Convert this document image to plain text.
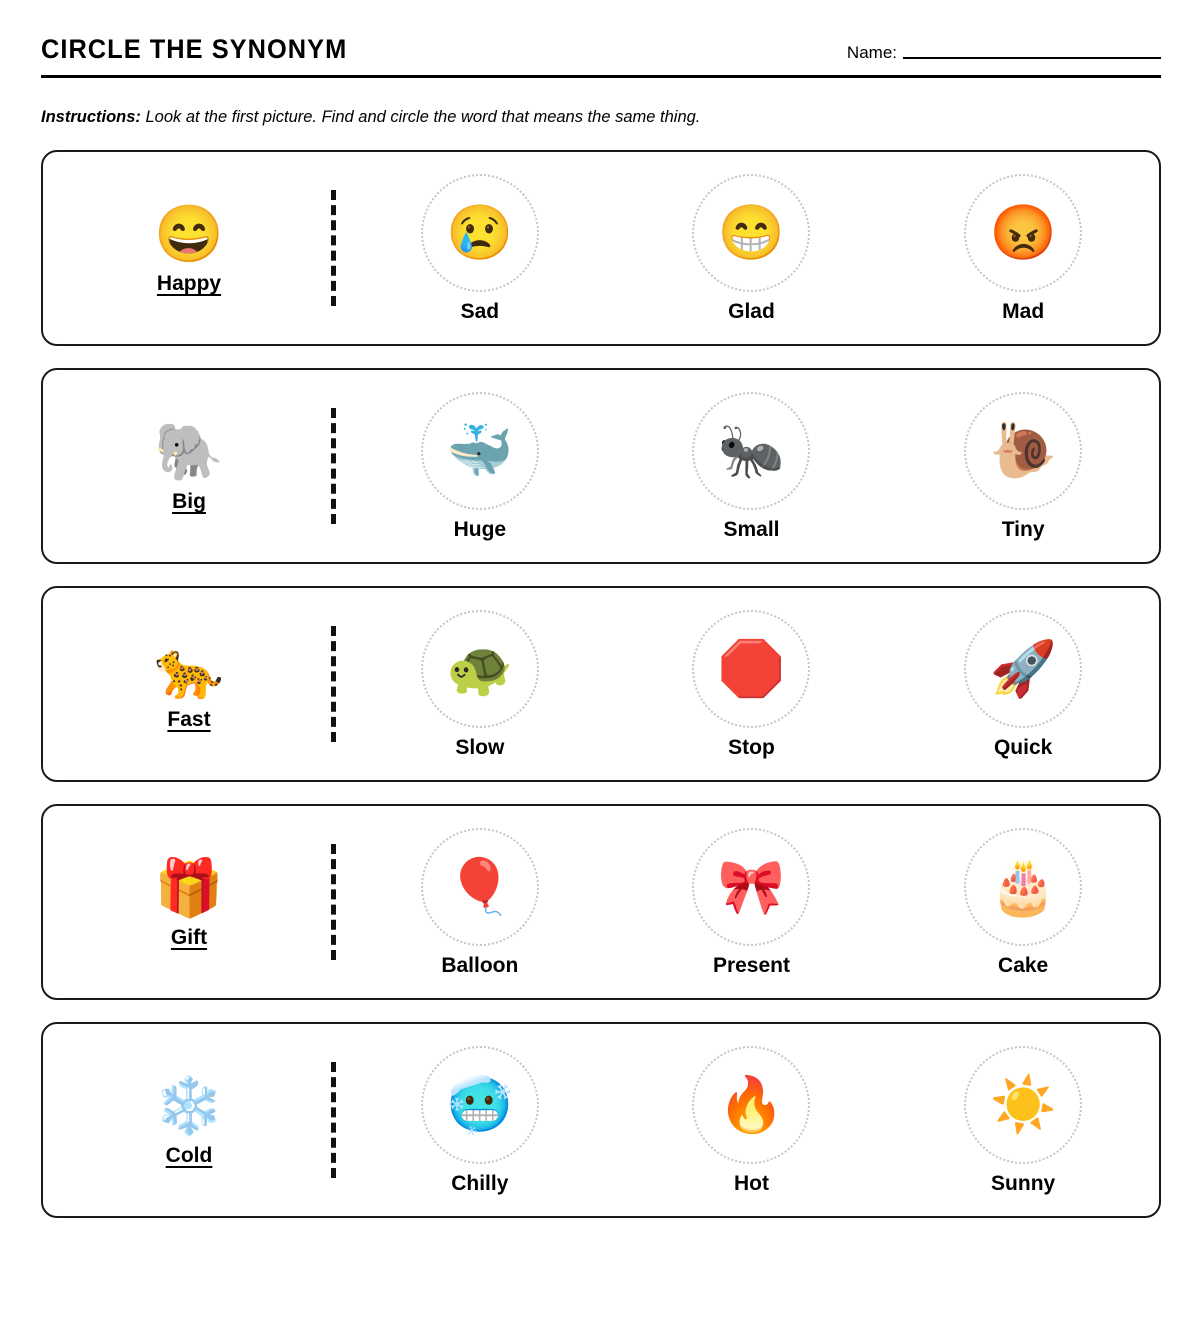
CIRCLE THE SYNONYM	Name:
Instructions: Look at the first picture. Find and circle the word that means the same thing.
😄
Happy
😢
Sad
😁
Glad
😡
Mad
🐘
Big
🐳
Huge
🐜
Small
🐌
Tiny
🐆
Fast
🐢
Slow
🛑
Stop
🚀
Quick
🎁
Gift
🎈
Balloon
🎀
Present
🎂
Cake
❄️
Cold
🥶
Chilly
🔥
Hot
☀️
Sunny
